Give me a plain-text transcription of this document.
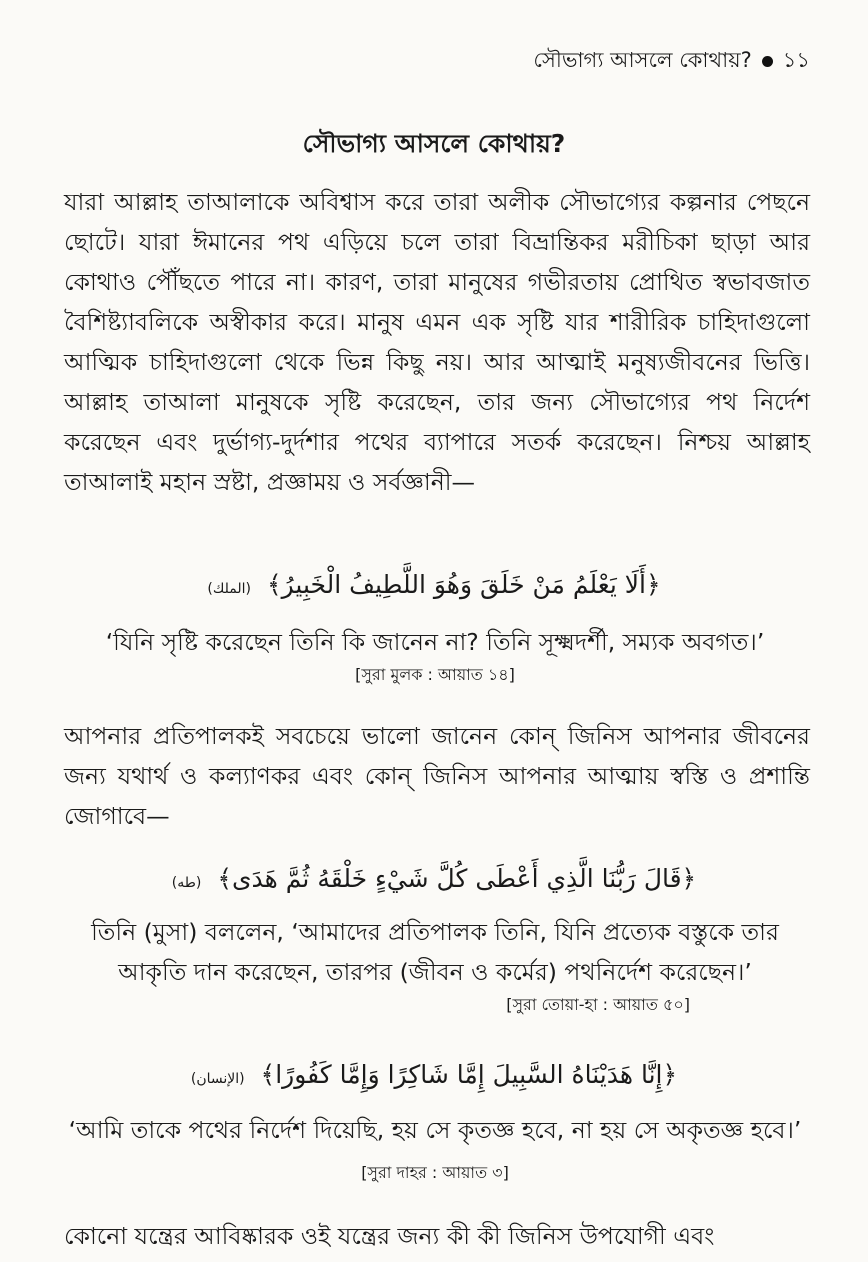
সৌভাগ্য আসলে কোথায়? ১১
সৌভাগ্য আসলে কোথায়?
যারা আল্লাহ তাআলাকে অবিশ্বাস করে তারা অলীক সৌভাগ্যের কল্পনার পেছনে ছোটে। যারা ঈমানের পথ এড়িয়ে চলে তারা বিভ্রান্তিকর মরীচিকা ছাড়া আর কোথাও পৌঁছতে পারে না। কারণ, তারা মানুষের গভীরতায় প্রোথিত স্বভাবজাত বৈশিষ্ট্যাবলিকে অস্বীকার করে। মানুষ এমন এক সৃষ্টি যার শারীরিক চাহিদাগুলো আত্মিক চাহিদাগুলো থেকে ভিন্ন কিছু নয়। আর আত্মাই মনুষ্যজীবনের ভিত্তি। আল্লাহ তাআলা মানুষকে সৃষ্টি করেছেন, তার জন্য সৌভাগ্যের পথ নির্দেশ করেছেন এবং দুর্ভাগ্য-দুর্দশার পথের ব্যাপারে সতর্ক করেছেন। নিশ্চয় আল্লাহ তাআলাই মহান স্রষ্টা, প্রজ্ঞাময় ও সর্বজ্ঞানী—
﴿أَلَا يَعْلَمُ مَنْ خَلَقَ وَهُوَ اللَّطِيفُ الْخَبِيرُ﴾ (الملك)
‘যিনি সৃষ্টি করেছেন তিনি কি জানেন না? তিনি সূক্ষ্মদর্শী, সম্যক অবগত।’
[সুরা মুলক : আয়াত ১৪]
আপনার প্রতিপালকই সবচেয়ে ভালো জানেন কোন্ জিনিস আপনার জীবনের জন্য যথার্থ ও কল্যাণকর এবং কোন্ জিনিস আপনার আত্মায় স্বস্তি ও প্রশান্তি জোগাবে—
﴿قَالَ رَبُّنَا الَّذِي أَعْطَى كُلَّ شَيْءٍ خَلْقَهُ ثُمَّ هَدَى﴾ (طه)
তিনি (মুসা) বললেন, ‘আমাদের প্রতিপালক তিনি, যিনি প্রত্যেক বস্তুকে তার আকৃতি দান করেছেন, তারপর (জীবন ও কর্মের) পথনির্দেশ করেছেন।’
[সুরা তোয়া-হা : আয়াত ৫০]
﴿إِنَّا هَدَيْنَاهُ السَّبِيلَ إِمَّا شَاكِرًا وَإِمَّا كَفُورًا﴾ (الإنسان)
‘আমি তাকে পথের নির্দেশ দিয়েছি, হয় সে কৃতজ্ঞ হবে, না হয় সে অকৃতজ্ঞ হবে।’ [সুরা দাহর : আয়াত ৩]
কোনো যন্ত্রের আবিষ্কারক ওই যন্ত্রের জন্য কী কী জিনিস উপযোগী এবং
